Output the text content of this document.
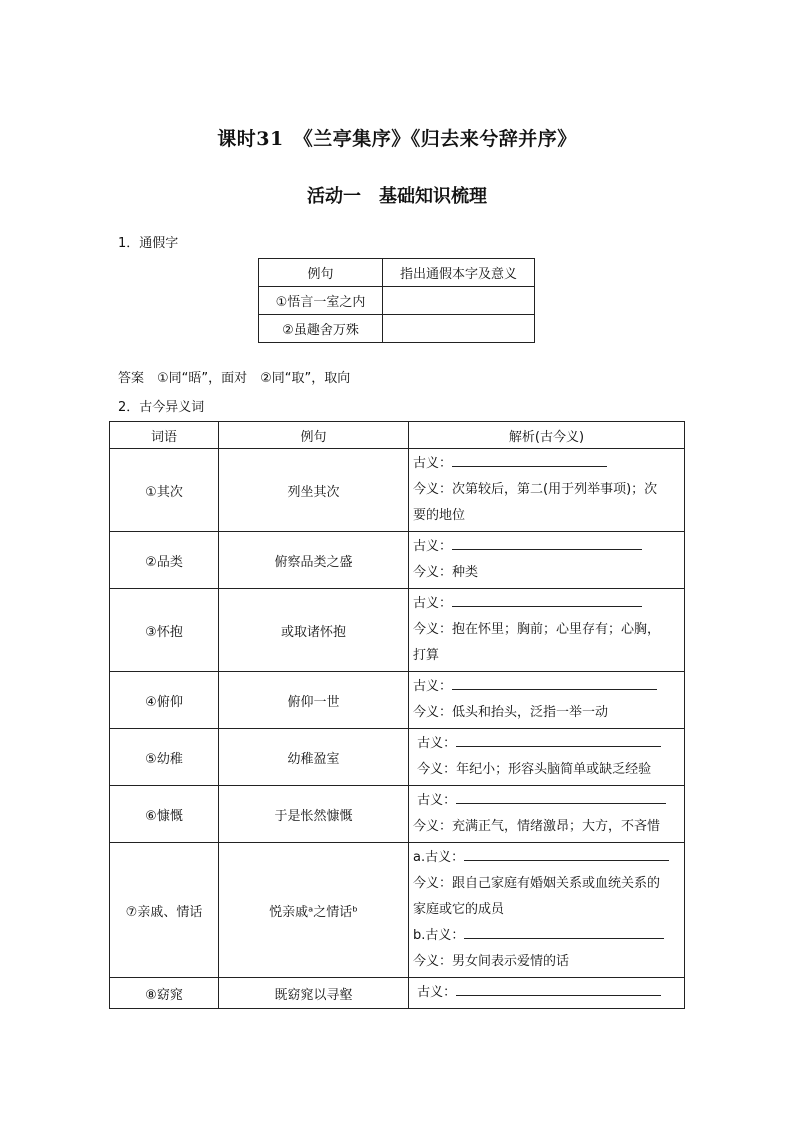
课时31　《兰亭集序》《归去来兮辞并序》
活动一　基础知识梳理
1．通假字
例句	指出通假本字及意义
①悟言一室之内	
②虽趣舍万殊	
答案　①同“晤”，面对　②同“取”，取向
2．古今异义词
词语	例句	解析(古今义)
①其次	列坐其次	古义：
今义：次第较后，第二(用于列举事项)；次
要的地位

②品类	俯察品类之盛	古义：
今义：种类

③怀抱	或取诸怀抱	古义：
今义：抱在怀里；胸前；心里存有；心胸，
打算

④俯仰	俯仰一世	古义：
今义：低头和抬头，泛指一举一动

⑤幼稚	幼稚盈室	古义：
今义：年纪小；形容头脑简单或缺乏经验

⑥慷慨	于是怅然慷慨	古义：
今义：充满正气，情绪激昂；大方，不吝惜

⑦亲戚、情话	悦亲戚ᵃ之情话ᵇ	a.古义：
今义：跟自己家庭有婚姻关系或血统关系的
家庭或它的成员
b.古义：
今义：男女间表示爱情的话

⑧窈窕	既窈窕以寻壑	古义：
